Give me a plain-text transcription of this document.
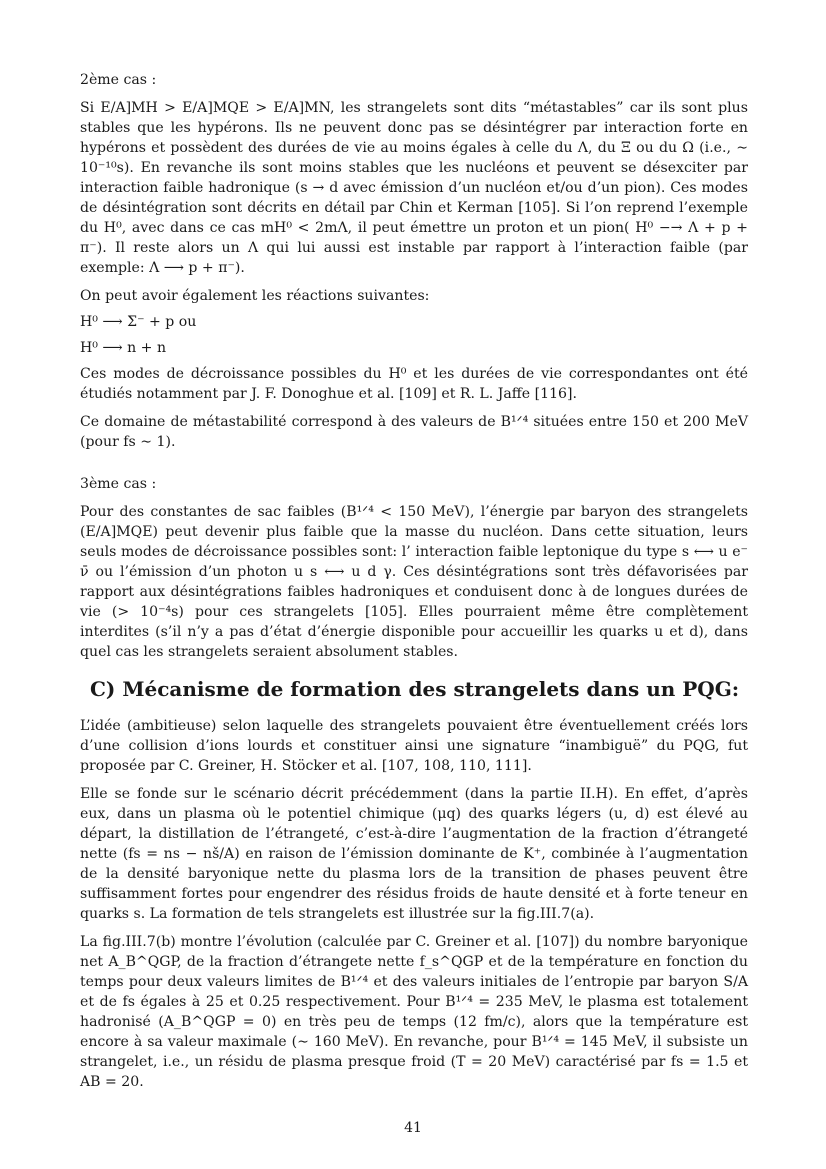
2ème cas :

Si E/A]MH > E/A]MQE > E/A]MN, les strangelets sont dits “métastables” car ils sont plus stables que les hypérons. Ils ne peuvent donc pas se désintégrer par interaction forte en hypérons et possèdent des durées de vie au moins égales à celle du Λ, du Ξ ou du Ω (i.e., ∼ 10⁻¹⁰s). En revanche ils sont moins stables que les nucléons et peuvent se désexciter par interaction faible hadronique (s → d avec émission d’un nucléon et/ou d’un pion). Ces modes de désintégration sont décrits en détail par Chin et Kerman [105]. Si l’on reprend l’exemple du H⁰, avec dans ce cas mH⁰ < 2mΛ, il peut émettre un proton et un pion( H⁰ −→ Λ + p + π⁻). Il reste alors un Λ qui lui aussi est instable par rapport à l’interaction faible (par exemple: Λ ⟶ p + π⁻).

On peut avoir également les réactions suivantes:

H⁰ ⟶ Σ⁻ + p ou

H⁰ ⟶ n + n

Ces modes de décroissance possibles du H⁰ et les durées de vie correspondantes ont été étudiés notamment par J. F. Donoghue et al. [109] et R. L. Jaffe [116].

Ce domaine de métastabilité correspond à des valeurs de B¹ᐟ⁴ situées entre 150 et 200 MeV (pour fs ∼ 1).

3ème cas :

Pour des constantes de sac faibles (B¹ᐟ⁴ < 150 MeV), l’énergie par baryon des strangelets (E/A]MQE) peut devenir plus faible que la masse du nucléon. Dans cette situation, leurs seuls modes de décroissance possibles sont: l’ interaction faible leptonique du type s ⟷ u e⁻ ν̄ ou l’émission d’un photon u s ⟷ u d γ. Ces désintégrations sont très défavorisées par rapport aux désintégrations faibles hadroniques et conduisent donc à de longues durées de vie (> 10⁻⁴s) pour ces strangelets [105]. Elles pourraient même être complètement interdites (s’il n’y a pas d’état d’énergie disponible pour accueillir les quarks u et d), dans quel cas les strangelets seraient absolument stables.

C) Mécanisme de formation des strangelets dans un PQG:

L’idée (ambitieuse) selon laquelle des strangelets pouvaient être éventuellement créés lors d’une collision d’ions lourds et constituer ainsi une signature “inambiguë” du PQG, fut proposée par C. Greiner, H. Stöcker et al. [107, 108, 110, 111].

Elle se fonde sur le scénario décrit précédemment (dans la partie II.H). En effet, d’après eux, dans un plasma où le potentiel chimique (μq) des quarks légers (u, d) est élevé au départ, la distillation de l’étrangeté, c’est-à-dire l’augmentation de la fraction d’étrangeté nette (fs = ns − nš/A) en raison de l’émission dominante de K⁺, combinée à l’augmentation de la densité baryonique nette du plasma lors de la transition de phases peuvent être suffisamment fortes pour engendrer des résidus froids de haute densité et à forte teneur en quarks s. La formation de tels strangelets est illustrée sur la fig.III.7(a).

La fig.III.7(b) montre l’évolution (calculée par C. Greiner et al. [107]) du nombre baryonique net A_B^QGP, de la fraction d’étrangete nette f_s^QGP et de la température en fonction du temps pour deux valeurs limites de B¹ᐟ⁴ et des valeurs initiales de l’entropie par baryon S/A et de fs égales à 25 et 0.25 respectivement. Pour B¹ᐟ⁴ = 235 MeV, le plasma est totalement hadronisé (A_B^QGP = 0) en très peu de temps (12 fm/c), alors que la température est encore à sa valeur maximale (∼ 160 MeV). En revanche, pour B¹ᐟ⁴ = 145 MeV, il subsiste un strangelet, i.e., un résidu de plasma presque froid (T = 20 MeV) caractérisé par fs = 1.5 et AB = 20.

41
